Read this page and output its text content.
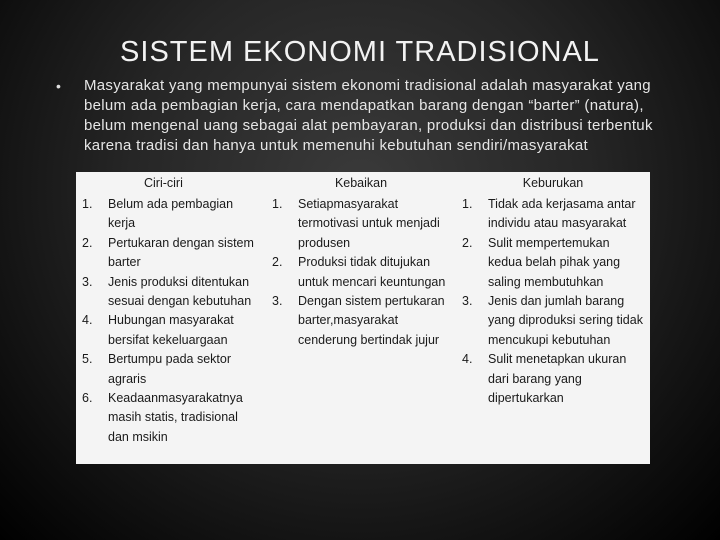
SISTEM EKONOMI TRADISIONAL
• Masyarakat yang mempunyai sistem ekonomi tradisional adalah masyarakat yang belum ada pembagian kerja, cara mendapatkan barang dengan “barter” (natura), belum mengenal uang sebagai alat pembayaran, produksi dan distribusi terbentuk karena tradisi dan hanya untuk memenuhi kebutuhan sendiri/masyarakat

Ciri-ciri
1. Belum ada pembagian kerja
2. Pertukaran dengan sistem barter
3. Jenis produksi ditentukan sesuai dengan kebutuhan
4. Hubungan masyarakat bersifat kekeluargaan
5. Bertumpu pada sektor agraris
6. Keadaanmasyarakatnya masih statis, tradisional dan msikin
Kebaikan
1. Setiapmasyarakat termotivasi untuk menjadi produsen
2. Produksi tidak ditujukan untuk mencari keuntungan
3. Dengan sistem pertukaran barter,masyarakat cenderung bertindak jujur
Keburukan
1. Tidak ada kerjasama antar individu atau masyarakat
2. Sulit mempertemukan kedua belah pihak yang saling membutuhkan
3. Jenis dan jumlah barang yang diproduksi sering tidak mencukupi kebutuhan
4. Sulit menetapkan ukuran dari barang yang dipertukarkan
